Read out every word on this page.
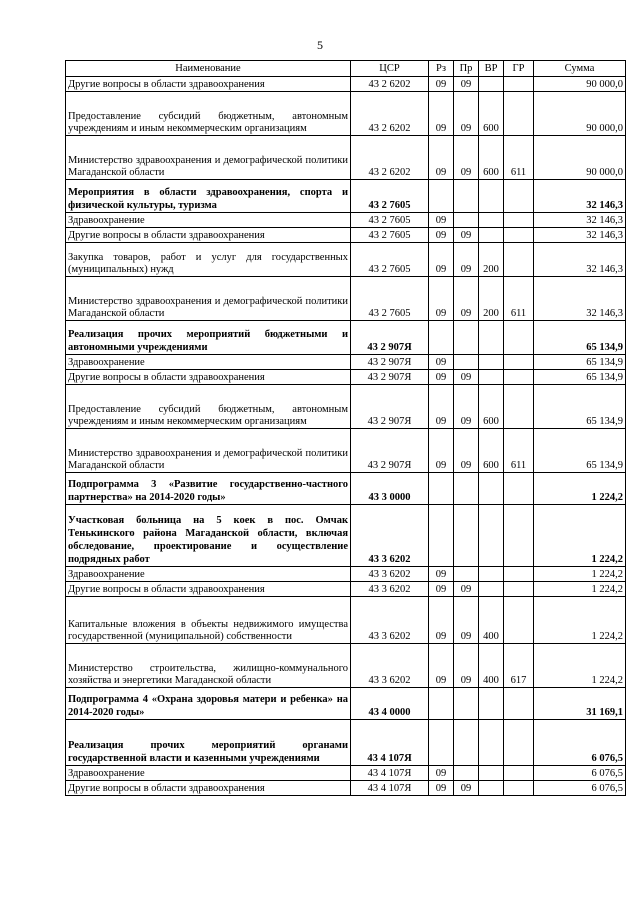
5
Наименование	ЦСР	Рз	Пр	ВР	ГР	Сумма
Другие вопросы в области здравоохранения	43 2 6202	09	09			90 000,0
Предоставление субсидий бюджетным, автономным учреждениям и иным некоммерческим организациям	43 2 6202	09	09	600		90 000,0
Министерство здравоохранения и демографической политики Магаданской области	43 2 6202	09	09	600	611	90 000,0
Мероприятия в области здравоохранения, спорта и физической культуры, туризма	43 2 7605					32 146,3
Здравоохранение	43 2 7605	09				32 146,3
Другие вопросы в области здравоохранения	43 2 7605	09	09			32 146,3
Закупка товаров, работ и услуг для государственных (муниципальных) нужд	43 2 7605	09	09	200		32 146,3
Министерство здравоохранения и демографической политики Магаданской области	43 2 7605	09	09	200	611	32 146,3
Реализация прочих мероприятий бюджетными и автономными учреждениями	43 2 907Я					65 134,9
Здравоохранение	43 2 907Я	09				65 134,9
Другие вопросы в области здравоохранения	43 2 907Я	09	09			65 134,9
Предоставление субсидий бюджетным, автономным учреждениям и иным некоммерческим организациям	43 2 907Я	09	09	600		65 134,9
Министерство здравоохранения и демографической политики Магаданской области	43 2 907Я	09	09	600	611	65 134,9
Подпрограмма 3 «Развитие государственно-частного партнерства» на 2014-2020 годы»	43 3 0000					1 224,2
Участковая больница на 5 коек в пос. Омчак Тенькинского района Магаданской области, включая обследование, проектирование и осуществление подрядных работ	43 3 6202					1 224,2
Здравоохранение	43 3 6202	09				1 224,2
Другие вопросы в области здравоохранения	43 3 6202	09	09			1 224,2
Капитальные вложения в объекты недвижимого имущества государственной (муниципальной) собственности	43 3 6202	09	09	400		1 224,2
Министерство строительства, жилищно-коммунального хозяйства и энергетики Магаданской области	43 3 6202	09	09	400	617	1 224,2
Подпрограмма 4 «Охрана здоровья матери и ребенка» на 2014-2020 годы»	43 4 0000					31 169,1
Реализация прочих мероприятий органами государственной власти и казенными учреждениями	43 4 107Я					6 076,5
Здравоохранение	43 4 107Я	09				6 076,5
Другие вопросы в области здравоохранения	43 4 107Я	09	09			6 076,5
